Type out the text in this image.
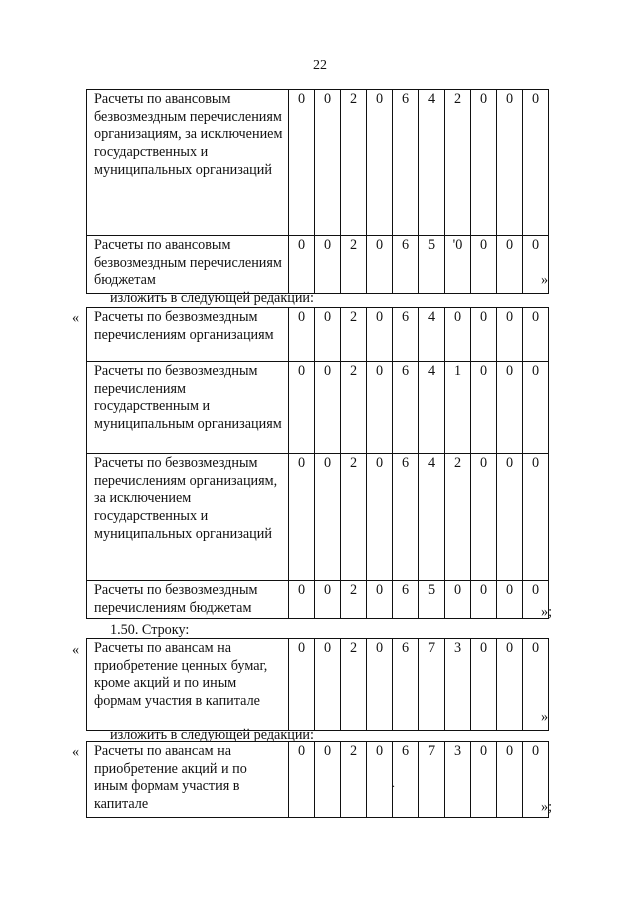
22
Расчеты по авансовым безвозмездным перечислениям организациям, за исключением государственных и муниципальных организаций	0	0	2	0	6	4	2	0	0	0
Расчеты по авансовым безвозмездным перечислениям бюджетам	0	0	2	0	6	5	'0	0	0	0
»
изложить в следующей редакции:
« Расчеты по безвозмездным перечислениям организациям	0	0	2	0	6	4	0	0	0	0
Расчеты по безвозмездным перечислениям государственным и муниципальным организациям	0	0	2	0	6	4	1	0	0	0
Расчеты по безвозмездным перечислениям организациям, за исключением государственных и муниципальных организаций	0	0	2	0	6	4	2	0	0	0
Расчеты по безвозмездным перечислениям бюджетам	0	0	2	0	6	5	0	0	0	0
»;
1.50. Строку:
« Расчеты по авансам на приобретение ценных бумаг, кроме акций и по иным формам участия в капитале	0	0	2	0	6	7	3	0	0	0
»
изложить в следующей редакции:
« Расчеты по авансам на приобретение акций и по иным формам участия в капитале	0	0	2	0	6	7	3	0	0	0
.
»;
